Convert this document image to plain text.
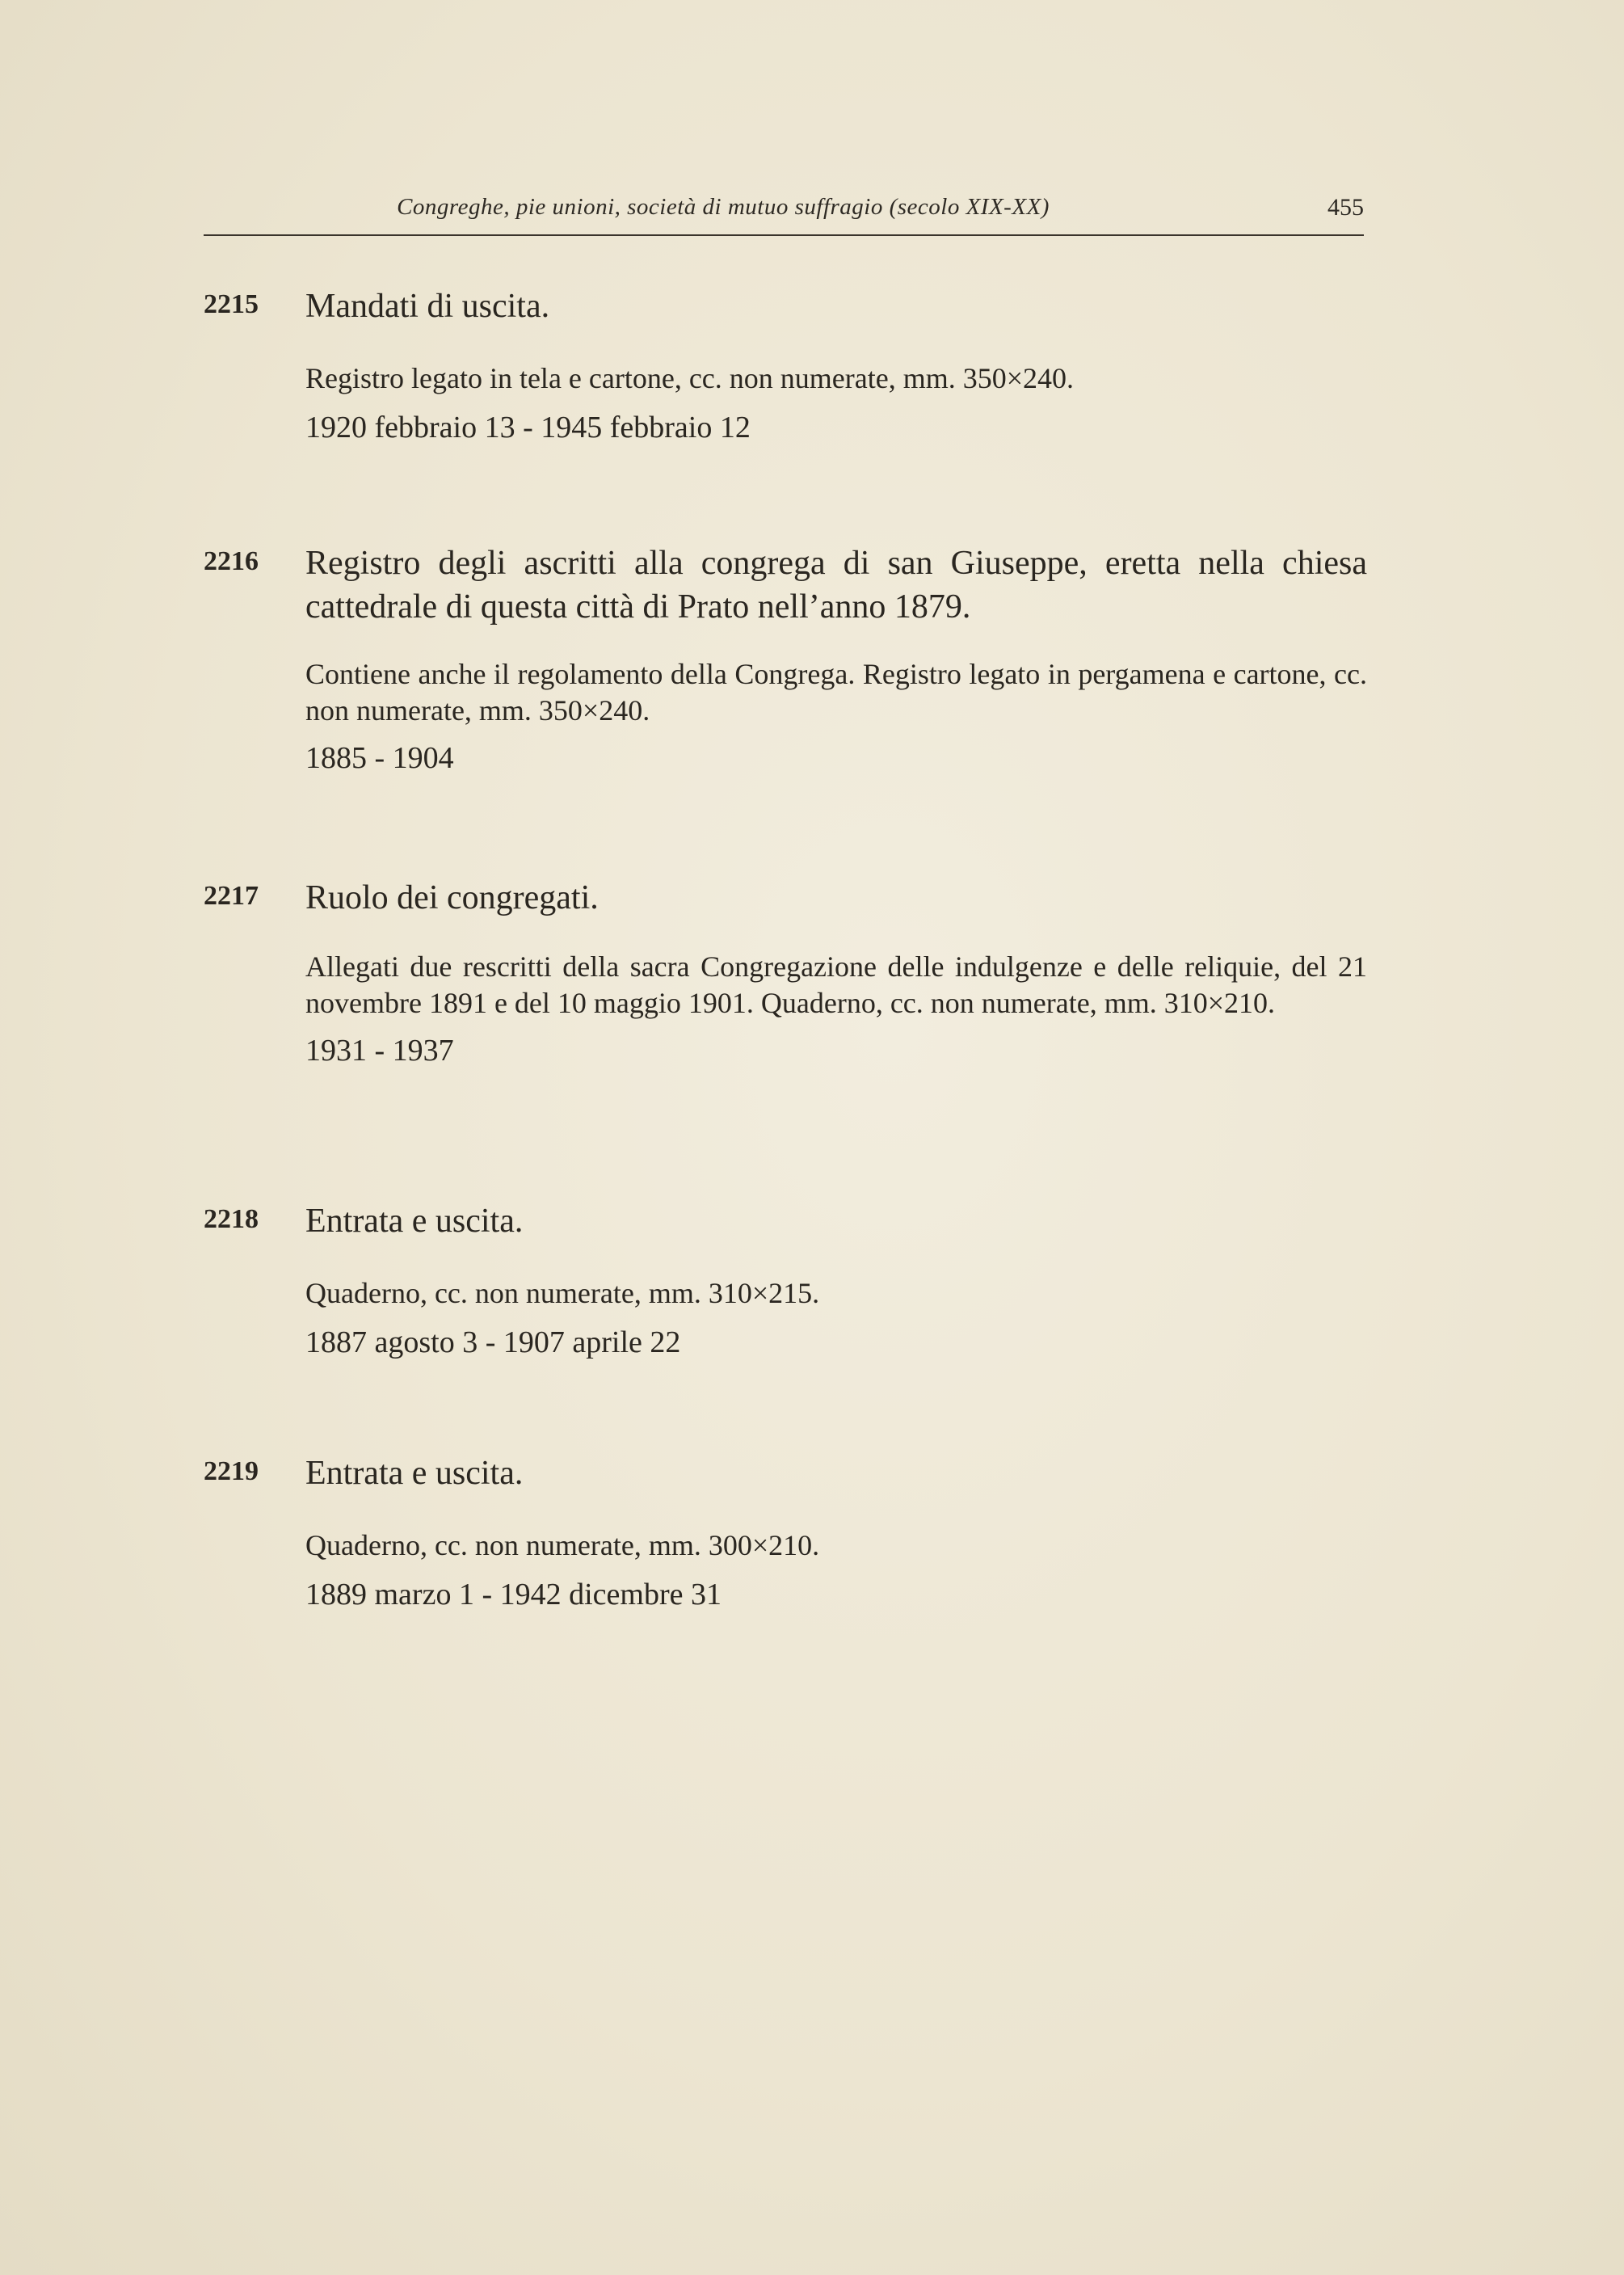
Congreghe, pie unioni, società di mutuo suffragio (secolo XIX-XX)	455
2215 Mandati di uscita.

Registro legato in tela e cartone, cc. non numerate, mm. 350×240.

1920 febbraio 13 - 1945 febbraio 12

2216 Registro degli ascritti alla congrega di san Giuseppe, eretta nella chiesa cattedrale di questa città di Prato nell’anno 1879.

Contiene anche il regolamento della Congrega. Registro legato in pergamena e cartone, cc. non numerate, mm. 350×240.

1885 - 1904

2217 Ruolo dei congregati.

Allegati due rescritti della sacra Congregazione delle indulgenze e delle reliquie, del 21 novembre 1891 e del 10 maggio 1901. Quaderno, cc. non numerate, mm. 310×210.

1931 - 1937

2218 Entrata e uscita.

Quaderno, cc. non numerate, mm. 310×215.

1887 agosto 3 - 1907 aprile 22

2219 Entrata e uscita.

Quaderno, cc. non numerate, mm. 300×210.

1889 marzo 1 - 1942 dicembre 31
